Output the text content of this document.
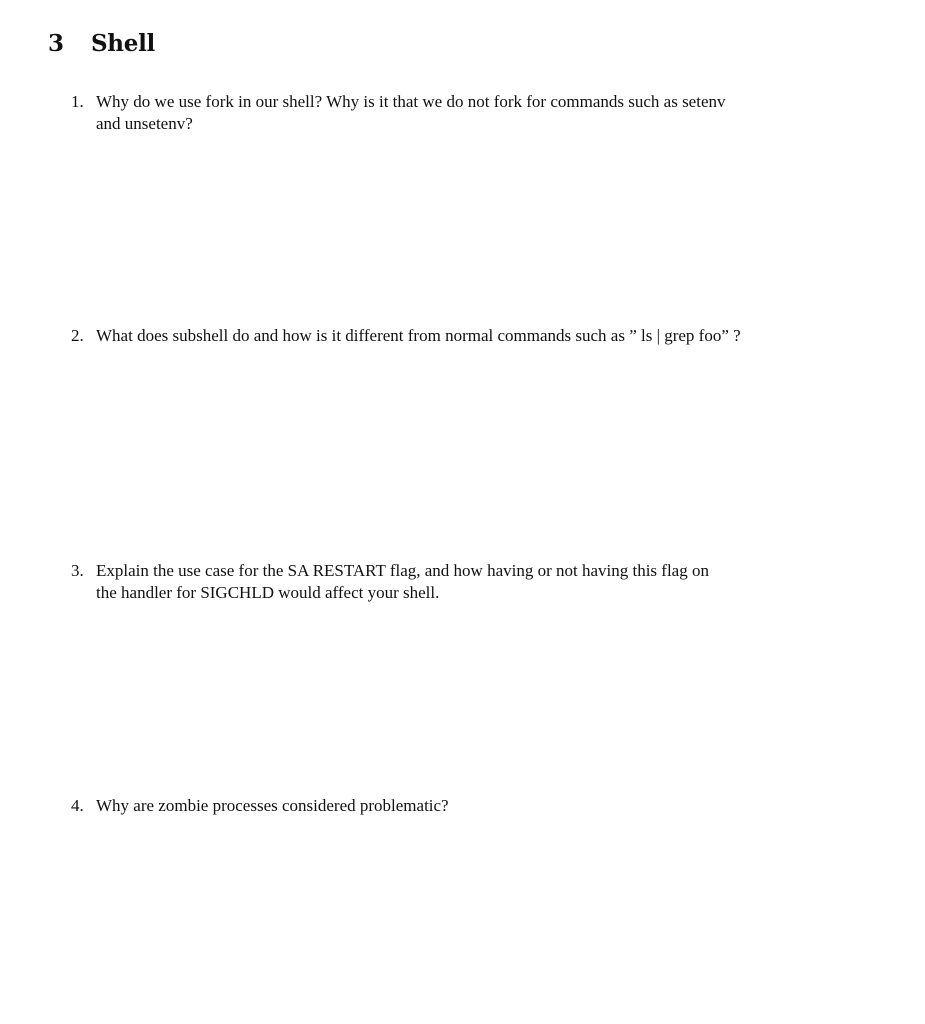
3 Shell
1. Why do we use fork in our shell? Why is it that we do not fork for commands such as setenv
and unsetenv?
2. What does subshell do and how is it different from normal commands such as ” ls | grep foo” ?
3. Explain the use case for the SA RESTART flag, and how having or not having this flag on
the handler for SIGCHLD would affect your shell.
4. Why are zombie processes considered problematic?
